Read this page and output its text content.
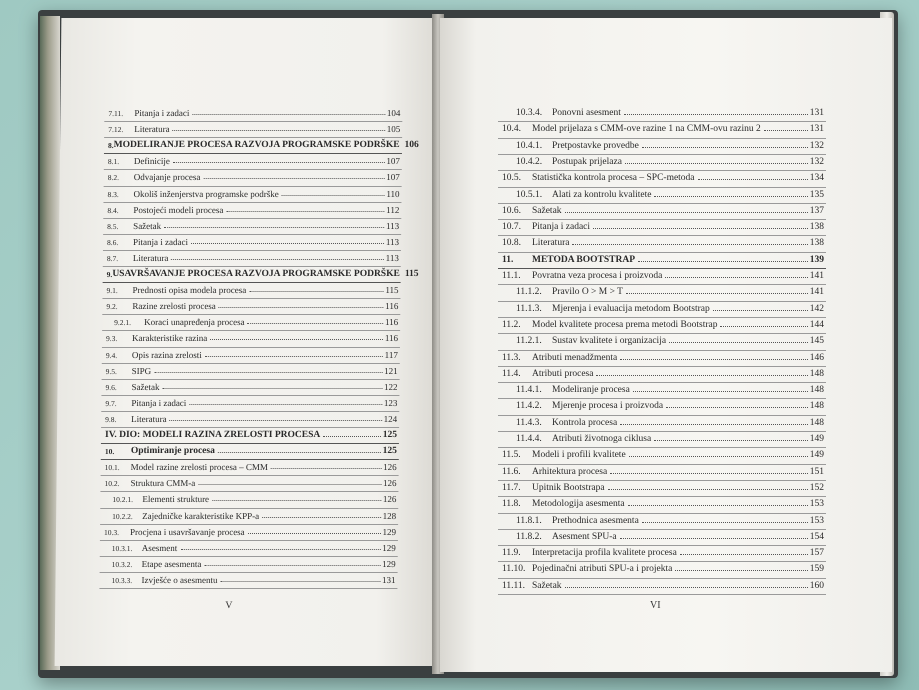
V
7.11.	Pitanja i zadaci	104
7.12.	Literatura	105
8. MODELIRANJE PROCESA RAZVOJA PROGRAMSKE PODRŠKE 106
8.1.	Definicije	107
8.2.	Odvajanje procesa	107
8.3.	Okoliš inženjerstva programske podrške	110
8.4.	Postojeći modeli procesa	112
8.5.	Sažetak	113
8.6.	Pitanja i zadaci	113
8.7.	Literatura	113
9. USAVRŠAVANJE PROCESA RAZVOJA PROGRAMSKE PODRŠKE 115
9.1.	Prednosti opisa modela procesa	115
9.2.	Razine zrelosti procesa	116
9.2.1.	Koraci unapređenja procesa	116
9.3.	Karakteristike razina	116
9.4.	Opis razina zrelosti	117
9.5.	SIPG	121
9.6.	Sažetak	122
9.7.	Pitanja i zadaci	123
9.8.	Literatura	124
IV. DIO: MODELI RAZINA ZRELOSTI PROCESA	125
10.	Optimiranje procesa	125
10.1.	Model razine zrelosti procesa – CMM	126
10.2.	Struktura CMM-a	126
10.2.1.	Elementi strukture	126
10.2.2.	Zajedničke karakteristike KPP-a	128
10.3.	Procjena i usavršavanje procesa	129
10.3.1.	Asesment	129
10.3.2.	Etape asesmenta	129
10.3.3.	Izvješće o asesmentu	131
VI
10.3.4.	Ponovni asesment	131
10.4.	Model prijelaza s CMM-ove razine 1 na CMM-ovu razinu 2	131
10.4.1.	Pretpostavke provedbe	132
10.4.2.	Postupak prijelaza	132
10.5.	Statistička kontrola procesa – SPC-metoda	134
10.5.1.	Alati za kontrolu kvalitete	135
10.6.	Sažetak	137
10.7.	Pitanja i zadaci	138
10.8.	Literatura	138
11.	METODA BOOTSTRAP	139
11.1.	Povratna veza procesa i proizvoda	141
11.1.2.	Pravilo O > M > T	141
11.1.3.	Mjerenja i evaluacija metodom Bootstrap	142
11.2.	Model kvalitete procesa prema metodi Bootstrap	144
11.2.1.	Sustav kvalitete i organizacija	145
11.3.	Atributi menadžmenta	146
11.4.	Atributi procesa	148
11.4.1.	Modeliranje procesa	148
11.4.2.	Mjerenje procesa i proizvoda	148
11.4.3.	Kontrola procesa	148
11.4.4.	Atributi životnoga ciklusa	149
11.5.	Modeli i profili kvalitete	149
11.6.	Arhitektura procesa	151
11.7.	Upitnik Bootstrapa	152
11.8.	Metodologija asesmenta	153
11.8.1.	Prethodnica asesmenta	153
11.8.2.	Asesment SPU-a	154
11.9.	Interpretacija profila kvalitete procesa	157
11.10. Pojedinačni atributi SPU-a i projekta	159
11.11. Sažetak	160
